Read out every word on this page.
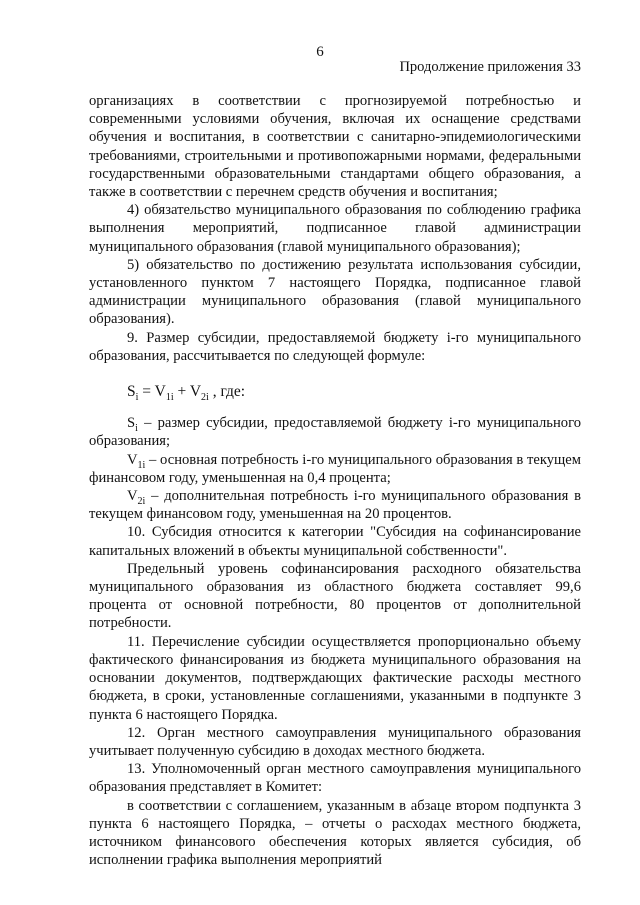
6
Продолжение приложения 33

организациях в соответствии с прогнозируемой потребностью и современными условиями обучения, включая их оснащение средствами обучения и воспитания, в соответствии с санитарно-эпидемиологическими требованиями, строительными и противопожарными нормами, федеральными государственными образовательными стандартами общего образования, а также в соответствии с перечнем средств обучения и воспитания;

4) обязательство муниципального образования по соблюдению графика выполнения мероприятий, подписанное главой администрации муниципального образования (главой муниципального образования);

5) обязательство по достижению результата использования субсидии, установленного пунктом 7 настоящего Порядка, подписанное главой администрации муниципального образования (главой муниципального образования).

9. Размер субсидии, предоставляемой бюджету i-го муниципального образования, рассчитывается по следующей формуле:

$S_i = V_{1i} + V_{2i}$ , где:

$S_i$ – размер субсидии, предоставляемой бюджету i-го муниципального образования;

$V_{1i}$ – основная потребность i-го муниципального образования в текущем финансовом году, уменьшенная на 0,4 процента;

$V_{2i}$ – дополнительная потребность i-го муниципального образования в текущем финансовом году, уменьшенная на 20 процентов.

10. Субсидия относится к категории "Субсидия на софинансирование капитальных вложений в объекты муниципальной собственности".

Предельный уровень софинансирования расходного обязательства муниципального образования из областного бюджета составляет 99,6 процента от основной потребности, 80 процентов от дополнительной потребности.

11. Перечисление субсидии осуществляется пропорционально объему фактического финансирования из бюджета муниципального образования на основании документов, подтверждающих фактические расходы местного бюджета, в сроки, установленные соглашениями, указанными в подпункте 3 пункта 6 настоящего Порядка.

12. Орган местного самоуправления муниципального образования учитывает полученную субсидию в доходах местного бюджета.

13. Уполномоченный орган местного самоуправления муниципального образования представляет в Комитет:

в соответствии с соглашением, указанным в абзаце втором подпункта 3 пункта 6 настоящего Порядка, – отчеты о расходах местного бюджета, источником финансового обеспечения которых является субсидия, об исполнении графика выполнения мероприятий
